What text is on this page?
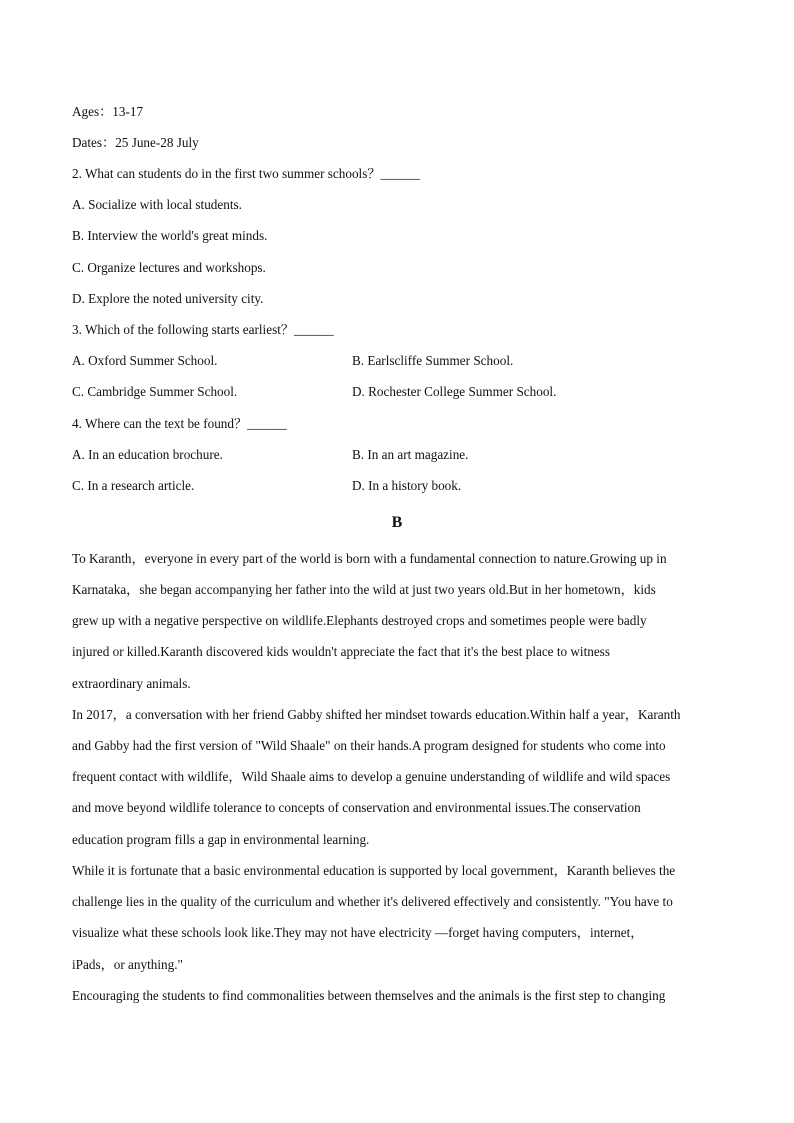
Ages：13-17
Dates：25 June-28 July
2. What can students do in the first two summer schools？______
A. Socialize with local students.
B. Interview the world's great minds.
C. Organize lectures and workshops.
D. Explore the noted university city.
3. Which of the following starts earliest？______
A. Oxford Summer School.	B. Earlscliffe Summer School.
C. Cambridge Summer School.	D. Rochester College Summer School.
4. Where can the text be found？______
A. In an education brochure.	B. In an art magazine.
C. In a research article.	D. In a history book.
B
To Karanth，everyone in every part of the world is born with a fundamental connection to nature.Growing up in
Karnataka，she began accompanying her father into the wild at just two years old.But in her hometown，kids
grew up with a negative perspective on wildlife.Elephants destroyed crops and sometimes people were badly
injured or killed.Karanth discovered kids wouldn't appreciate the fact that it's the best place to witness
extraordinary animals.
In 2017，a conversation with her friend Gabby shifted her mindset towards education.Within half a year，Karanth
and Gabby had the first version of "Wild Shaale" on their hands.A program designed for students who come into
frequent contact with wildlife，Wild Shaale aims to develop a genuine understanding of wildlife and wild spaces
and move beyond wildlife tolerance to concepts of conservation and environmental issues.The conservation
education program fills a gap in environmental learning.
While it is fortunate that a basic environmental education is supported by local government，Karanth believes the
challenge lies in the quality of the curriculum and whether it's delivered effectively and consistently. "You have to
visualize what these schools look like.They may not have electricity —forget having computers，internet，
iPads，or anything."
Encouraging the students to find commonalities between themselves and the animals is the first step to changing
